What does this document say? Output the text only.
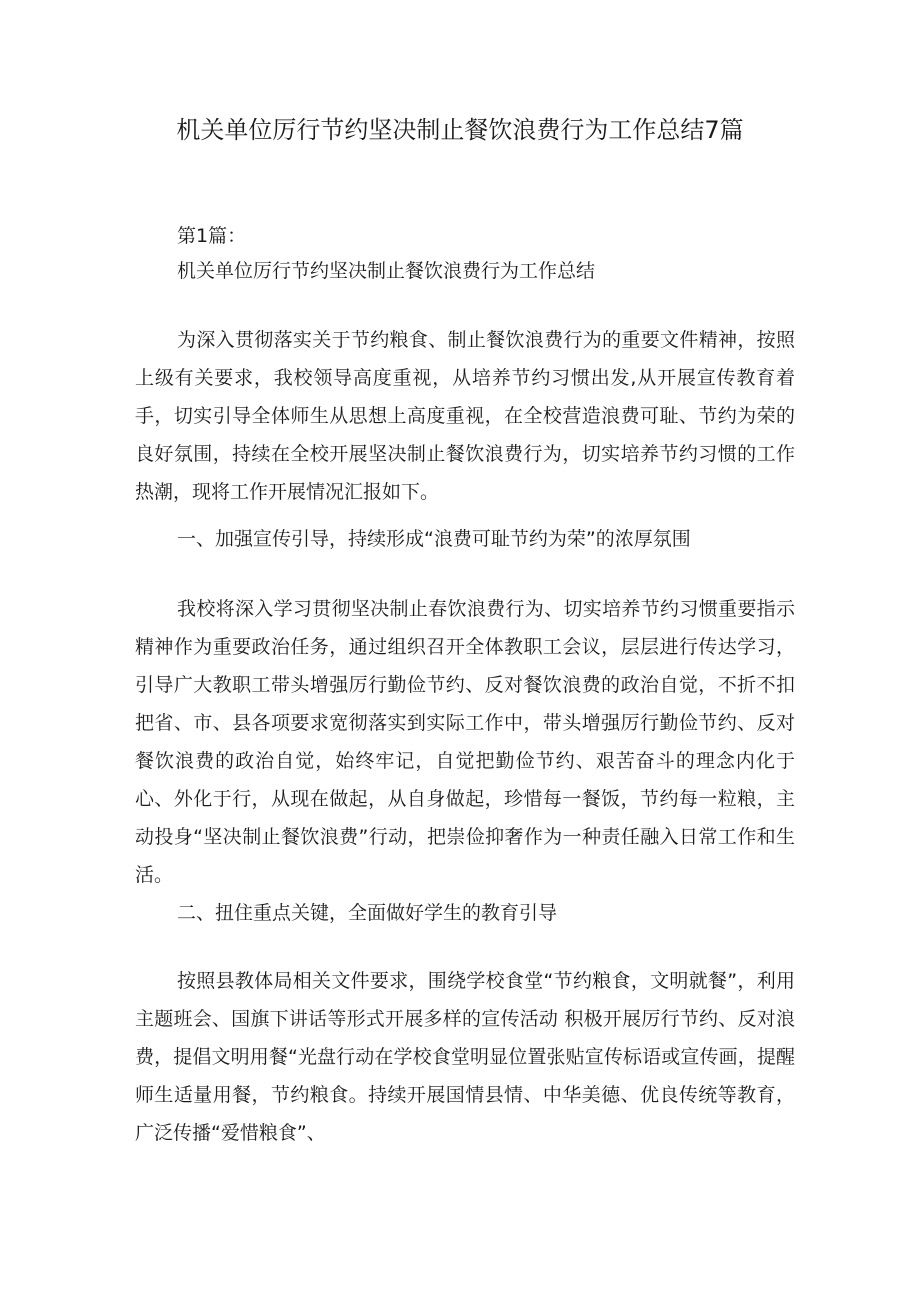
机关单位厉行节约坚决制止餐饮浪费行为工作总结7篇
第1篇：
机关单位厉行节约坚决制止餐饮浪费行为工作总结
为深入贯彻落实关于节约粮食、制止餐饮浪费行为的重要文件精神，按照上级有关要求，我校领导高度重视，从培养节约习惯出发,从开展宣传教育着手，切实引导全体师生从思想上高度重视，在全校营造浪费可耻、节约为荣的良好氛围，持续在全校开展坚决制止餐饮浪费行为，切实培养节约习惯的工作热潮，现将工作开展情况汇报如下。
一、加强宣传引导，持续形成“浪费可耻节约为荣”的浓厚氛围
我校将深入学习贯彻坚决制止春饮浪费行为、切实培养节约习惯重要指示精神作为重要政治任务，通过组织召开全体教职工会议，层层进行传达学习，引导广大教职工带头增强厉行勤俭节约、反对餐饮浪费的政治自觉，不折不扣把省、市、县各项要求宽彻落实到实际工作中，带头增强厉行勤俭节约、反对餐饮浪费的政治自觉，始终牢记，自觉把勤俭节约、艰苦奋斗的理念内化于心、外化于行，从现在做起，从自身做起，珍惜每一餐饭，节约每一粒粮，主动投身“坚决制止餐饮浪费”行动，把崇俭抑奢作为一种责任融入日常工作和生活。
二、扭住重点关键，全面做好学生的教育引导
按照县教体局相关文件要求，围绕学校食堂“节约粮食，文明就餐”，利用主题班会、国旗下讲话等形式开展多样的宣传活动 积极开展厉行节约、反对浪费，提倡文明用餐“光盘行动在学校食堂明显位置张贴宣传标语或宣传画，提醒师生适量用餐，节约粮食。持续开展国情县情、中华美德、优良传统等教育，广泛传播“爱惜粮食”、
